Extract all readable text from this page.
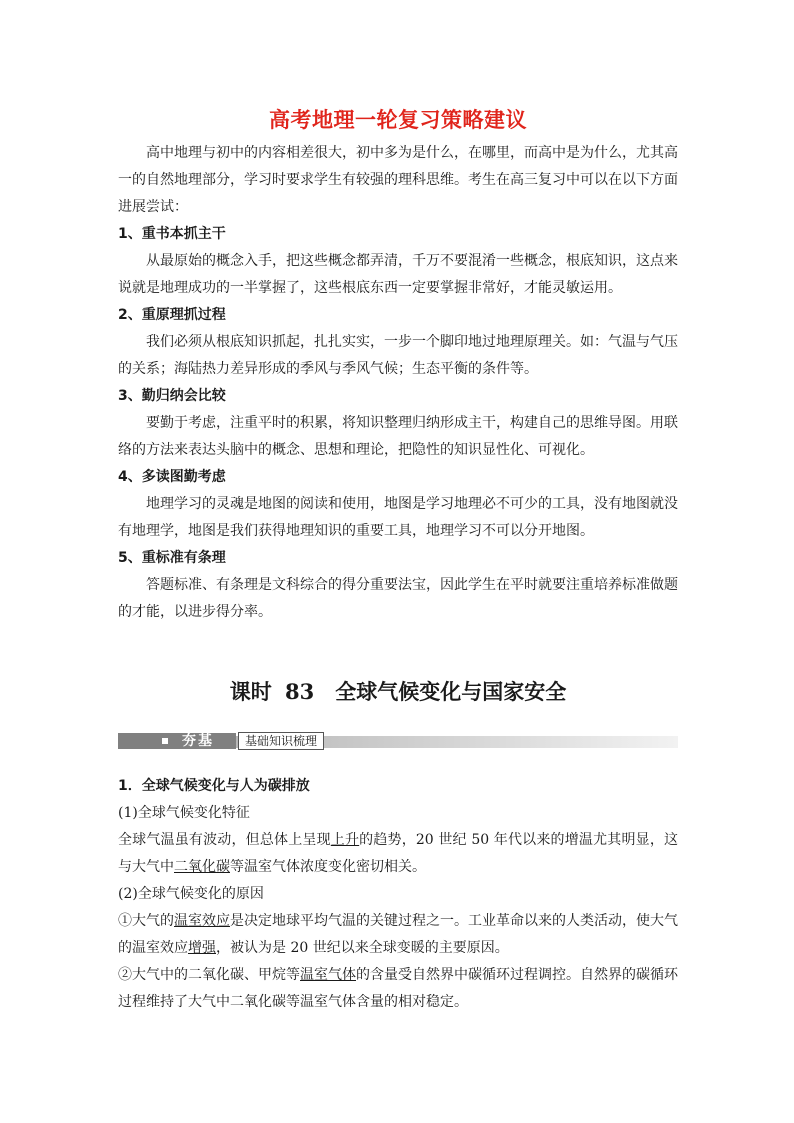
高考地理一轮复习策略建议

高中地理与初中的内容相差很大，初中多为是什么，在哪里，而高中是为什么，尤其高一的自然地理部分，学习时要求学生有较强的理科思维。考生在高三复习中可以在以下方面进展尝试：

1、重书本抓主干

从最原始的概念入手，把这些概念都弄清，千万不要混淆一些概念，根底知识，这点来说就是地理成功的一半掌握了，这些根底东西一定要掌握非常好，才能灵敏运用。

2、重原理抓过程

我们必须从根底知识抓起，扎扎实实，一步一个脚印地过地理原理关。如：气温与气压的关系；海陆热力差异形成的季风与季风气候；生态平衡的条件等。

3、勤归纳会比较

要勤于考虑，注重平时的积累，将知识整理归纳形成主干，构建自己的思维导图。用联络的方法来表达头脑中的概念、思想和理论，把隐性的知识显性化、可视化。

4、多读图勤考虑

地理学习的灵魂是地图的阅读和使用，地图是学习地理必不可少的工具，没有地图就没有地理学，地图是我们获得地理知识的重要工具，地理学习不可以分开地图。

5、重标准有条理

答题标准、有条理是文科综合的得分重要法宝，因此学生在平时就要注重培养标准做题的才能，以进步得分率。

课时 83　全球气候变化与国家安全
夯基	基础知识梳理

1．全球气候变化与人为碳排放

(1)全球气候变化特征

全球气温虽有波动，但总体上呈现上升的趋势，20 世纪 50 年代以来的增温尤其明显，这与大气中二氧化碳等温室气体浓度变化密切相关。

(2)全球气候变化的原因

①大气的温室效应是决定地球平均气温的关键过程之一。工业革命以来的人类活动，使大气的温室效应增强，被认为是 20 世纪以来全球变暖的主要原因。

②大气中的二氧化碳、甲烷等温室气体的含量受自然界中碳循环过程调控。自然界的碳循环过程维持了大气中二氧化碳等温室气体含量的相对稳定。
